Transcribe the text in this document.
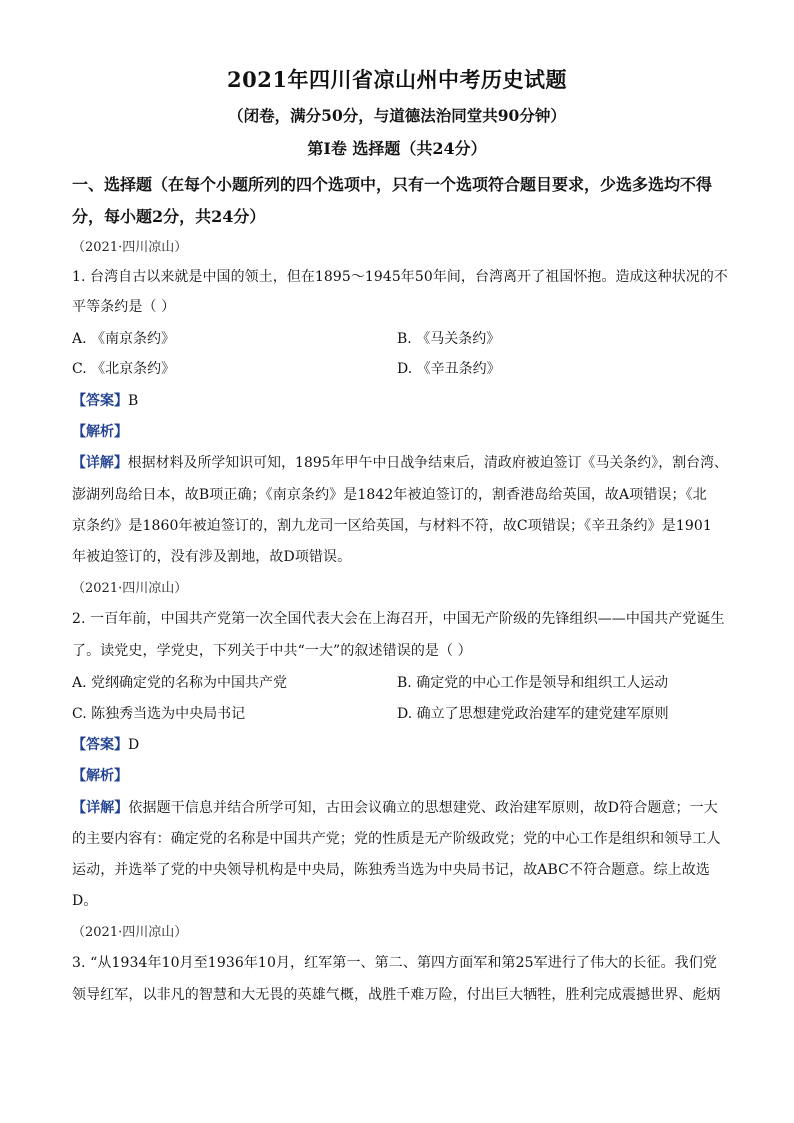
2021年四川省凉山州中考历史试题
（闭卷，满分50分，与道德法治同堂共90分钟）
第Ⅰ卷 选择题（共24分）
一、选择题（在每个小题所列的四个选项中，只有一个选项符合题目要求，少选多选均不得
分，每小题2分，共24分）
（2021·四川凉山）
1. 台湾自古以来就是中国的领土，但在1895～1945年50年间，台湾离开了祖国怀抱。造成这种状况的不
平等条约是（ ）
A. 《南京条约》	B. 《马关条约》
C. 《北京条约》	D. 《辛丑条约》
【答案】B
【解析】
【详解】根据材料及所学知识可知，1895年甲午中日战争结束后，清政府被迫签订《马关条约》，割台湾、
澎湖列岛给日本，故B项正确；《南京条约》是1842年被迫签订的，割香港岛给英国，故A项错误；《北
京条约》是1860年被迫签订的，割九龙司一区给英国，与材料不符，故C项错误；《辛丑条约》是1901
年被迫签订的，没有涉及割地，故D项错误。
（2021·四川凉山）
2. 一百年前，中国共产党第一次全国代表大会在上海召开，中国无产阶级的先锋组织——中国共产党诞生
了。读党史，学党史，下列关于中共“一大”的叙述错误的是（ ）
A. 党纲确定党的名称为中国共产党	B. 确定党的中心工作是领导和组织工人运动
C. 陈独秀当选为中央局书记	D. 确立了思想建党政治建军的建党建军原则
【答案】D
【解析】
【详解】依据题干信息并结合所学可知，古田会议确立的思想建党、政治建军原则，故D符合题意；一大
的主要内容有：确定党的名称是中国共产党；党的性质是无产阶级政党；党的中心工作是组织和领导工人
运动，并选举了党的中央领导机构是中央局，陈独秀当选为中央局书记，故ABC不符合题意。综上故选
D。
（2021·四川凉山）
3. “从1934年10月至1936年10月，红军第一、第二、第四方面军和第25军进行了伟大的长征。我们党
领导红军，以非凡的智慧和大无畏的英雄气概，战胜千难万险，付出巨大牺牲，胜利完成震撼世界、彪炳
